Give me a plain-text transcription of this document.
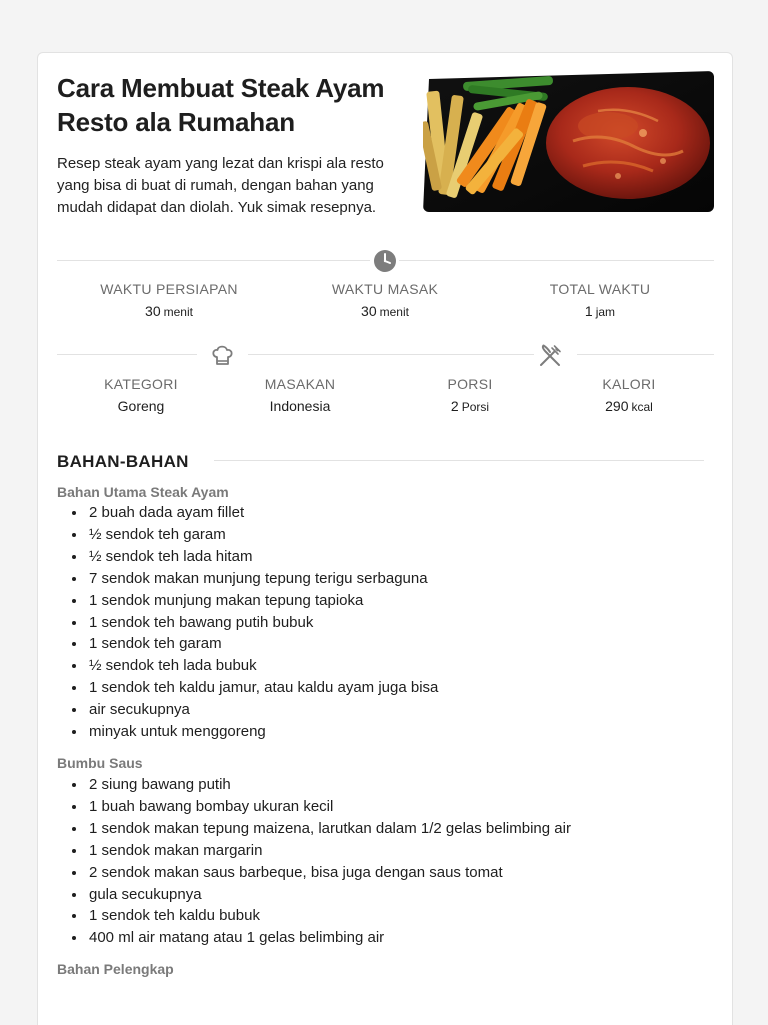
Cara Membuat Steak Ayam Resto ala Rumahan

Resep steak ayam yang lezat dan krispi ala resto yang bisa di buat di rumah, dengan bahan yang mudah didapat dan diolah. Yuk simak resepnya.

WAKTU PERSIAPAN
30 menit
WAKTU MASAK
30 menit
TOTAL WAKTU
1 jam
KATEGORI
Goreng
MASAKAN
Indonesia
PORSI
2 Porsi
KALORI
290 kcal
BAHAN-BAHAN
Bahan Utama Steak Ayam
• 2 buah dada ayam fillet
• ½ sendok teh garam
• ½ sendok teh lada hitam
• 7 sendok makan munjung tepung terigu serbaguna
• 1 sendok munjung makan tepung tapioka
• 1 sendok teh bawang putih bubuk
• 1 sendok teh garam
• ½ sendok teh lada bubuk
• 1 sendok teh kaldu jamur, atau kaldu ayam juga bisa
• air secukupnya
• minyak untuk menggoreng
Bumbu Saus
• 2 siung bawang putih
• 1 buah bawang bombay ukuran kecil
• 1 sendok makan tepung maizena, larutkan dalam 1/2 gelas belimbing air
• 1 sendok makan margarin
• 2 sendok makan saus barbeque, bisa juga dengan saus tomat
• gula secukupnya
• 1 sendok teh kaldu bubuk
• 400 ml air matang atau 1 gelas belimbing air
Bahan Pelengkap
